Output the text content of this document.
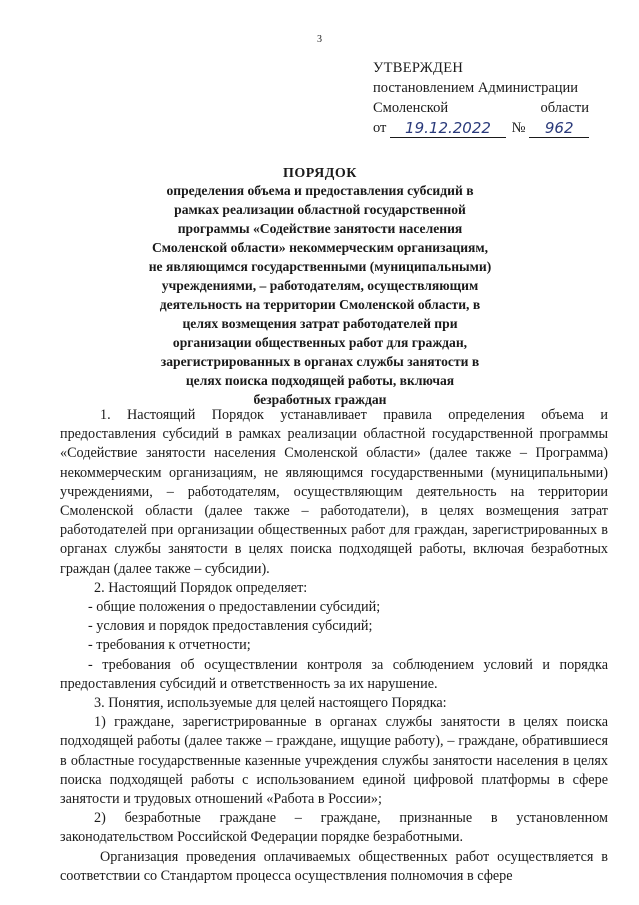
3
УТВЕРЖДЕН
постановлением Администрации
Смоленской	области
от	19.12.2022	№	962
ПОРЯДОК
определения объема и предоставления субсидий в
рамках реализации областной государственной
программы «Содействие занятости населения
Смоленской области» некоммерческим организациям,
не являющимся государственными (муниципальными)
учреждениями, – работодателям, осуществляющим
деятельность на территории Смоленской области, в
целях возмещения затрат работодателей при
организации общественных работ для граждан,
зарегистрированных в органах службы занятости в
целях поиска подходящей работы, включая
безработных граждан

1. Настоящий Порядок устанавливает правила определения объема и предоставления субсидий в рамках реализации областной государственной программы «Содействие занятости населения Смоленской области» (далее также – Программа) некоммерческим организациям, не являющимся государственными (муниципальными) учреждениями, – работодателям, осуществляющим деятельность на территории Смоленской области (далее также – работодатели), в целях возмещения затрат работодателей при организации общественных работ для граждан, зарегистрированных в органах службы занятости в целях поиска подходящей работы, включая безработных граждан (далее также – субсидии).

2. Настоящий Порядок определяет:

- общие положения о предоставлении субсидий;

- условия и порядок предоставления субсидий;

- требования к отчетности;

- требования об осуществлении контроля за соблюдением условий и порядка предоставления субсидий и ответственность за их нарушение.

3. Понятия, используемые для целей настоящего Порядка:

1) граждане, зарегистрированные в органах службы занятости в целях поиска подходящей работы (далее также – граждане, ищущие работу), – граждане, обратившиеся в областные государственные казенные учреждения службы занятости населения в целях поиска подходящей работы с использованием единой цифровой платформы в сфере занятости и трудовых отношений «Работа в России»;

2) безработные граждане – граждане, признанные в установленном законодательством Российской Федерации порядке безработными.

Организация проведения оплачиваемых общественных работ осуществляется в соответствии со Стандартом процесса осуществления полномочия в сфере
